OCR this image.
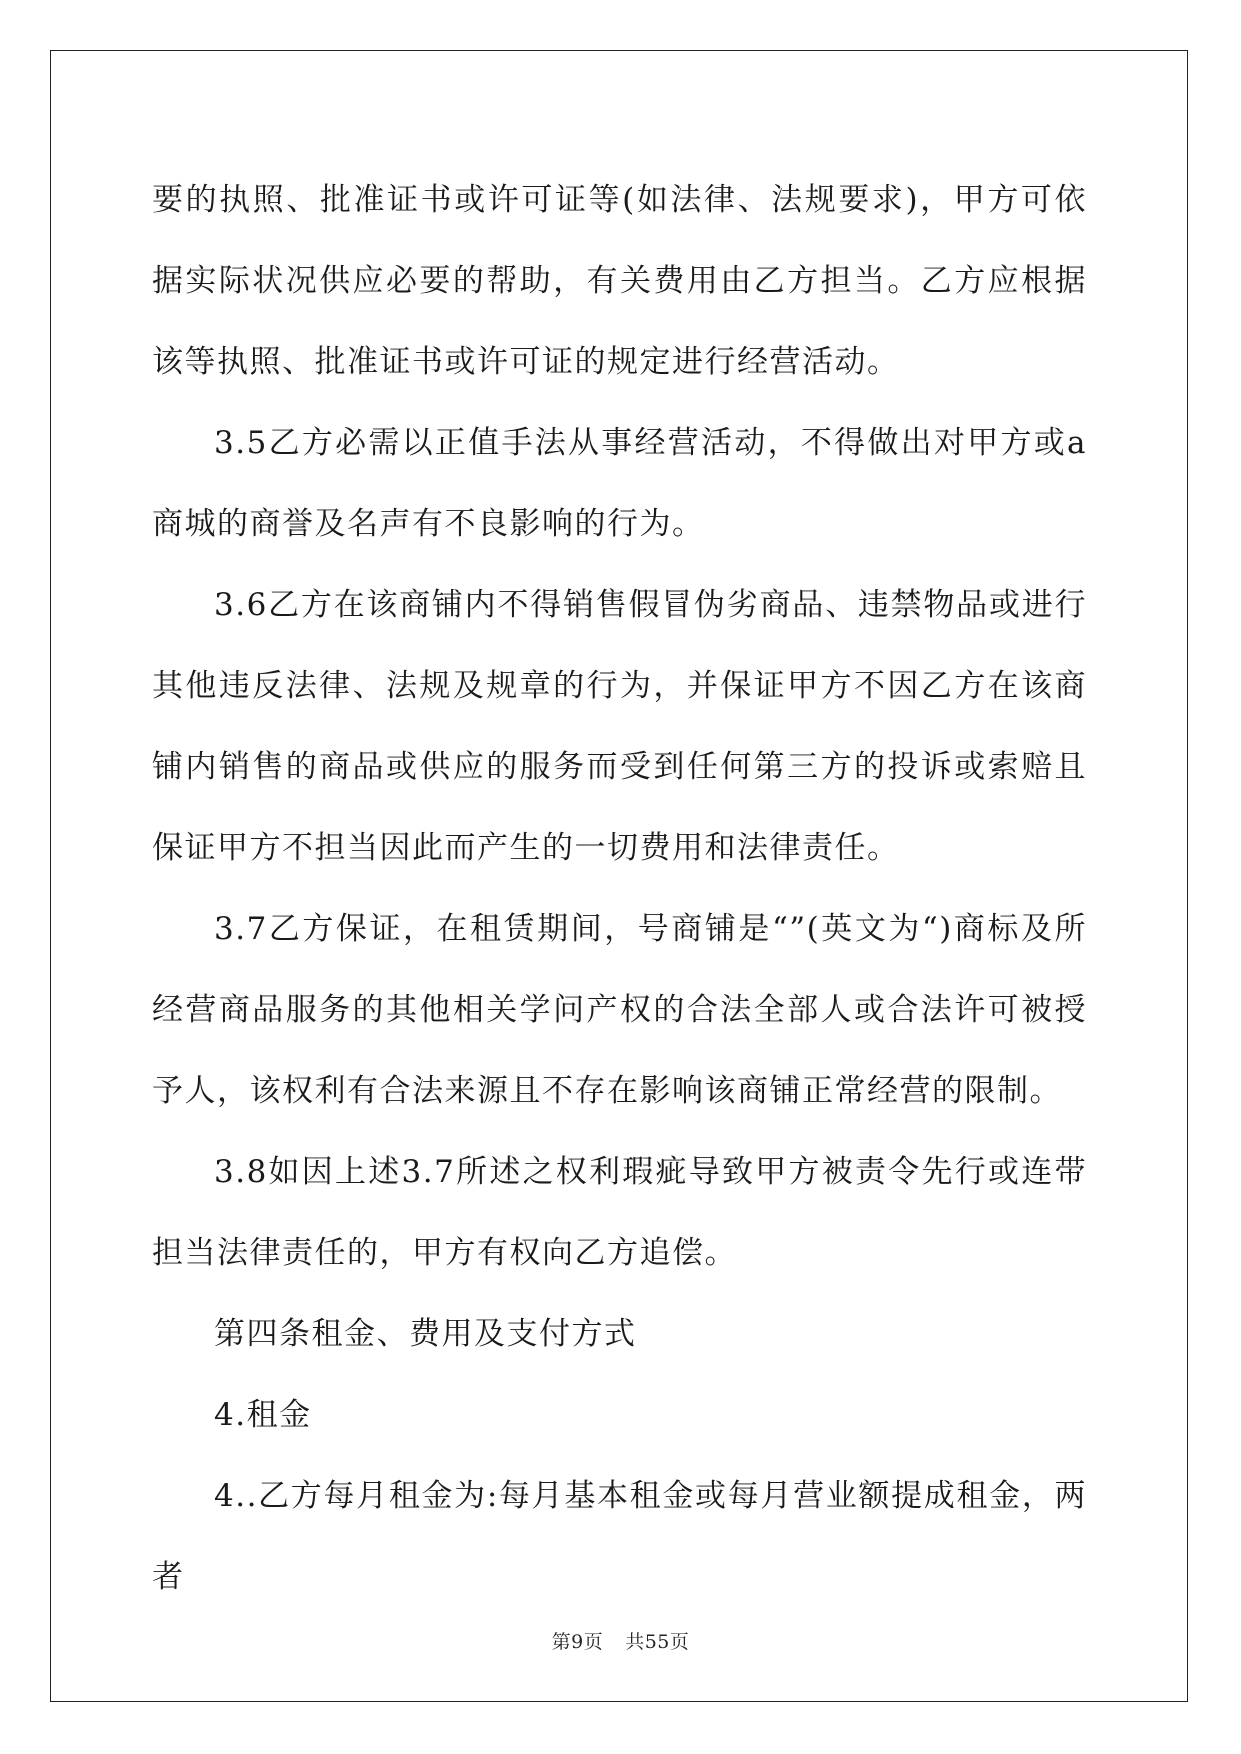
要的执照、批准证书或许可证等(如法律、法规要求)，甲方可依据实际状况供应必要的帮助，有关费用由乙方担当。乙方应根据该等执照、批准证书或许可证的规定进行经营活动。

3.5乙方必需以正值手法从事经营活动，不得做出对甲方或a商城的商誉及名声有不良影响的行为。

3.6乙方在该商铺内不得销售假冒伪劣商品、违禁物品或进行其他违反法律、法规及规章的行为，并保证甲方不因乙方在该商铺内销售的商品或供应的服务而受到任何第三方的投诉或索赔且保证甲方不担当因此而产生的一切费用和法律责任。

3.7乙方保证，在租赁期间，号商铺是“”(英文为“)商标及所经营商品服务的其他相关学问产权的合法全部人或合法许可被授予人，该权利有合法来源且不存在影响该商铺正常经营的限制。

3.8如因上述3.7所述之权利瑕疵导致甲方被责令先行或连带担当法律责任的，甲方有权向乙方追偿。

第四条租金、费用及支付方式

4.租金

4..乙方每月租金为:每月基本租金或每月营业额提成租金，两者

第9页 共55页
